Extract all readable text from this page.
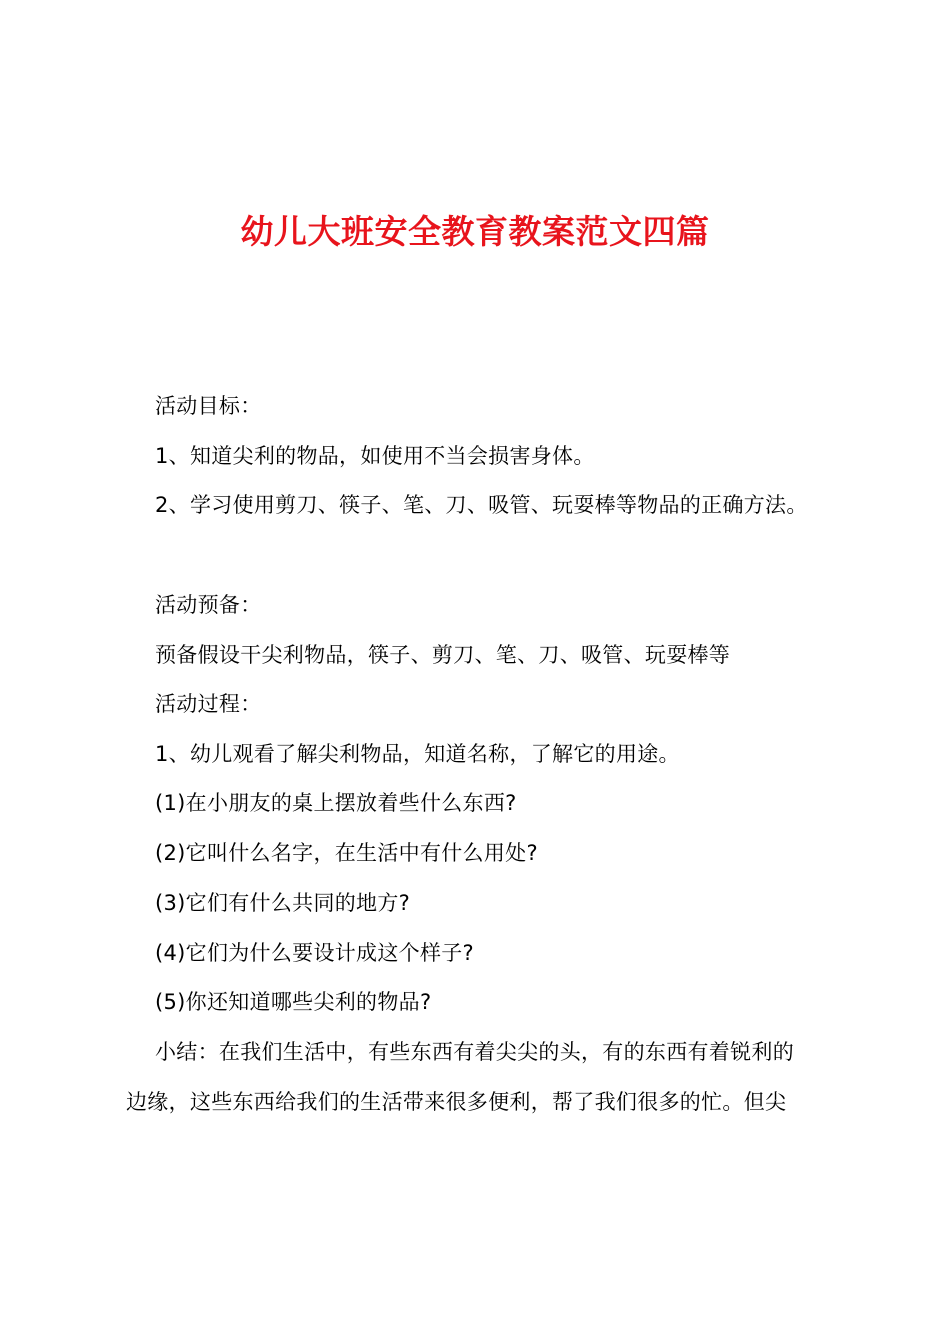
幼儿大班安全教育教案范文四篇
活动目标：
1、知道尖利的物品，如使用不当会损害身体。
2、学习使用剪刀、筷子、笔、刀、吸管、玩耍棒等物品的正确方法。
活动预备：
预备假设干尖利物品，筷子、剪刀、笔、刀、吸管、玩耍棒等
活动过程：
1、幼儿观看了解尖利物品，知道名称，了解它的用途。
(1)在小朋友的桌上摆放着些什么东西?
(2)它叫什么名字，在生活中有什么用处?
(3)它们有什么共同的地方?
(4)它们为什么要设计成这个样子?
(5)你还知道哪些尖利的物品?
小结：在我们生活中，有些东西有着尖尖的头，有的东西有着锐利的
边缘，这些东西给我们的生活带来很多便利，帮了我们很多的忙。但尖
